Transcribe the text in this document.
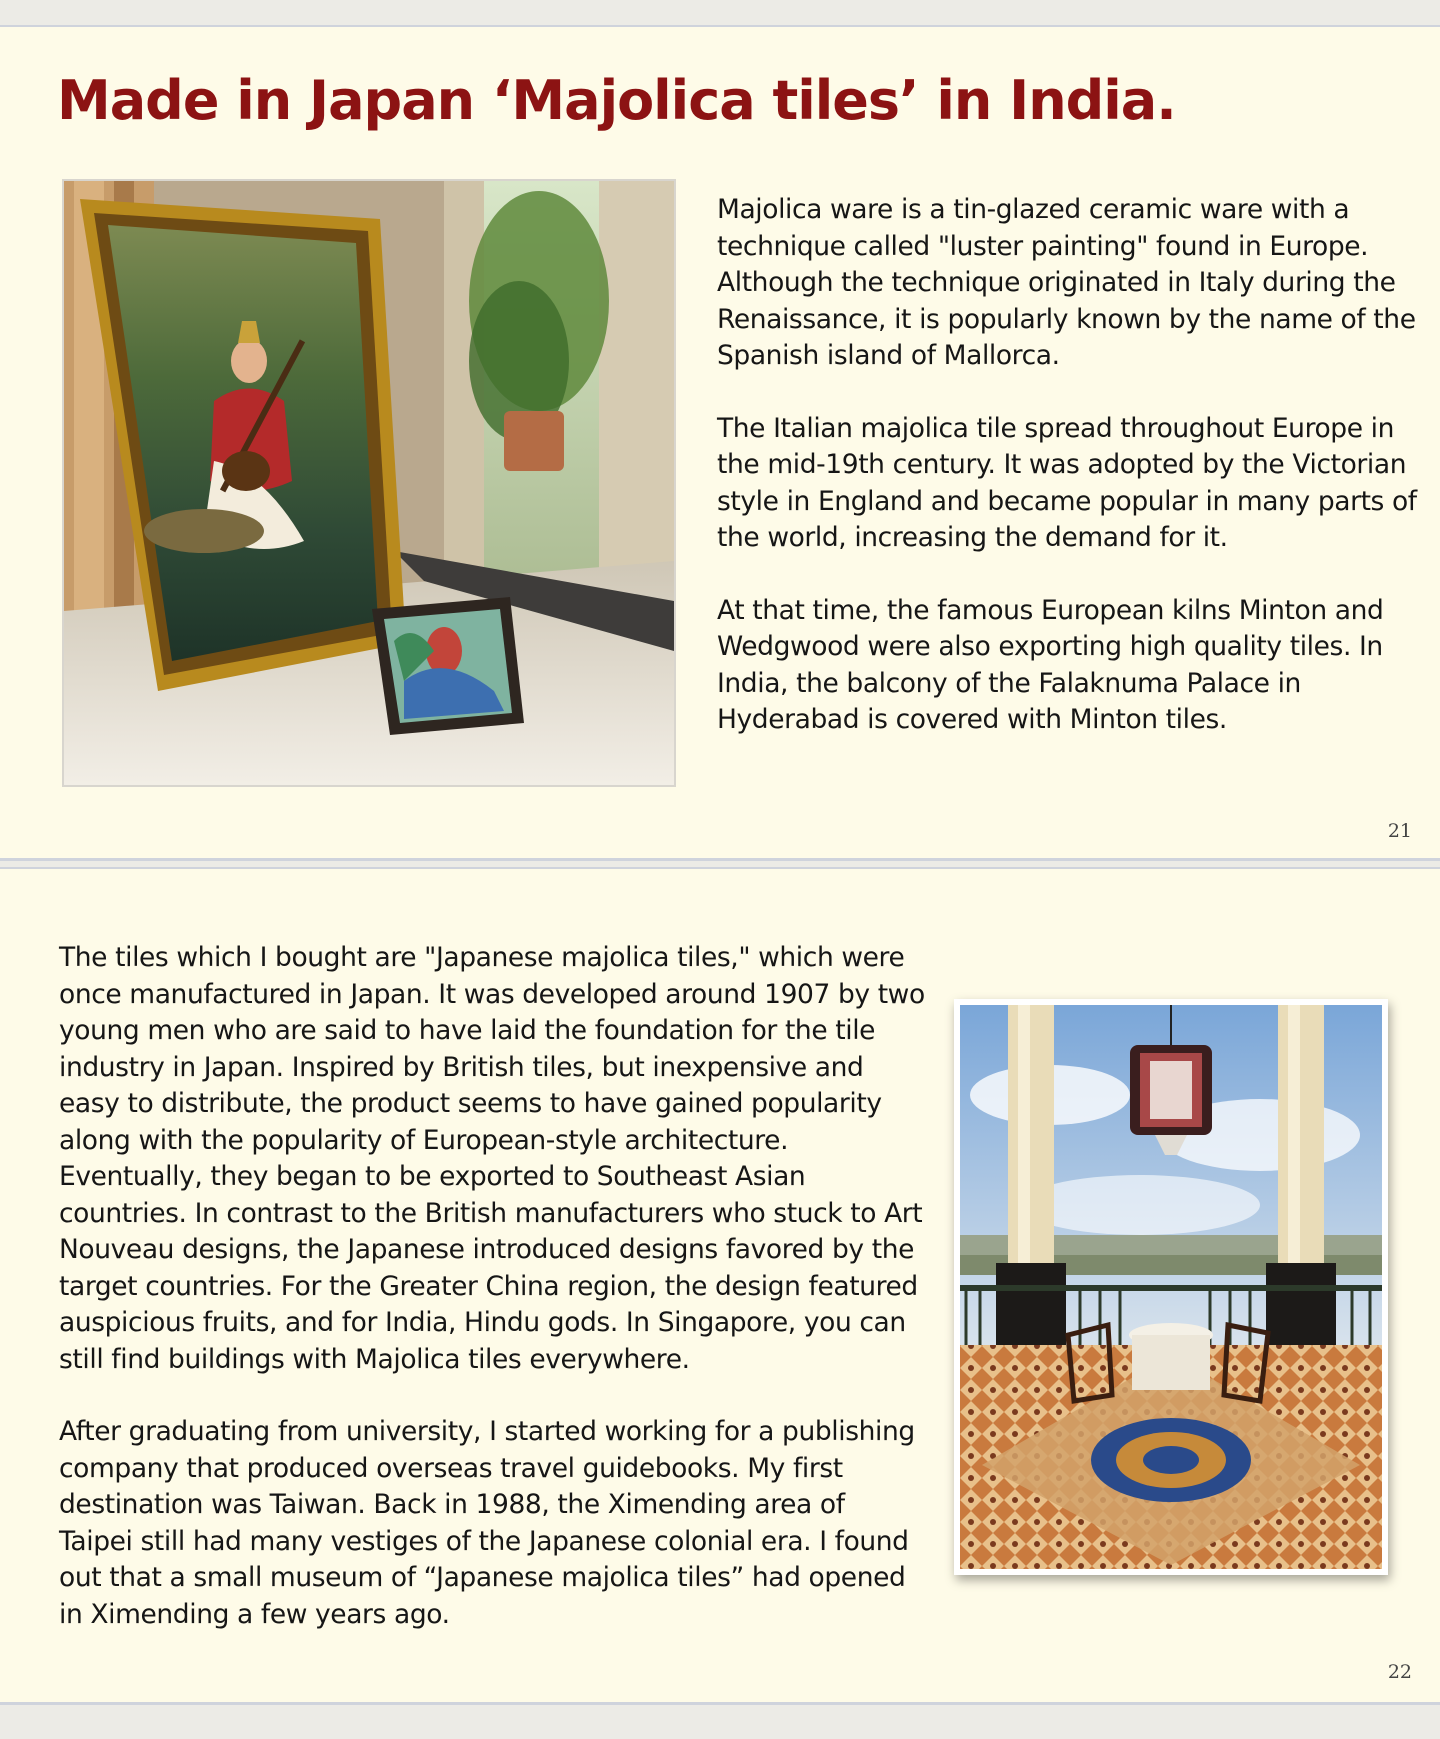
Made in Japan ‘Majolica tiles’ in India.

Majolica ware is a tin-glazed ceramic ware with a technique called "luster painting" found in Europe. Although the technique originated in Italy during the Renaissance, it is popularly known by the name of the Spanish island of Mallorca.

The Italian majolica tile spread throughout Europe in the mid-19th century. It was adopted by the Victorian style in England and became popular in many parts of the world, increasing the demand for it.

At that time, the famous European kilns Minton and Wedgwood were also exporting high quality tiles. In India, the balcony of the Falaknuma Palace in Hyderabad is covered with Minton tiles.

21

The tiles which I bought are "Japanese majolica tiles," which were once manufactured in Japan. It was developed around 1907 by two young men who are said to have laid the foundation for the tile industry in Japan. Inspired by British tiles, but inexpensive and easy to distribute, the product seems to have gained popularity along with the popularity of European-style architecture. Eventually, they began to be exported to Southeast Asian countries. In contrast to the British manufacturers who stuck to Art Nouveau designs, the Japanese introduced designs favored by the target countries. For the Greater China region, the design featured auspicious fruits, and for India, Hindu gods. In Singapore, you can still find buildings with Majolica tiles everywhere.

After graduating from university, I started working for a publishing company that produced overseas travel guidebooks. My first destination was Taiwan. Back in 1988, the Ximending area of Taipei still had many vestiges of the Japanese colonial era. I found out that a small museum of “Japanese majolica tiles” had opened in Ximending a few years ago.

22
